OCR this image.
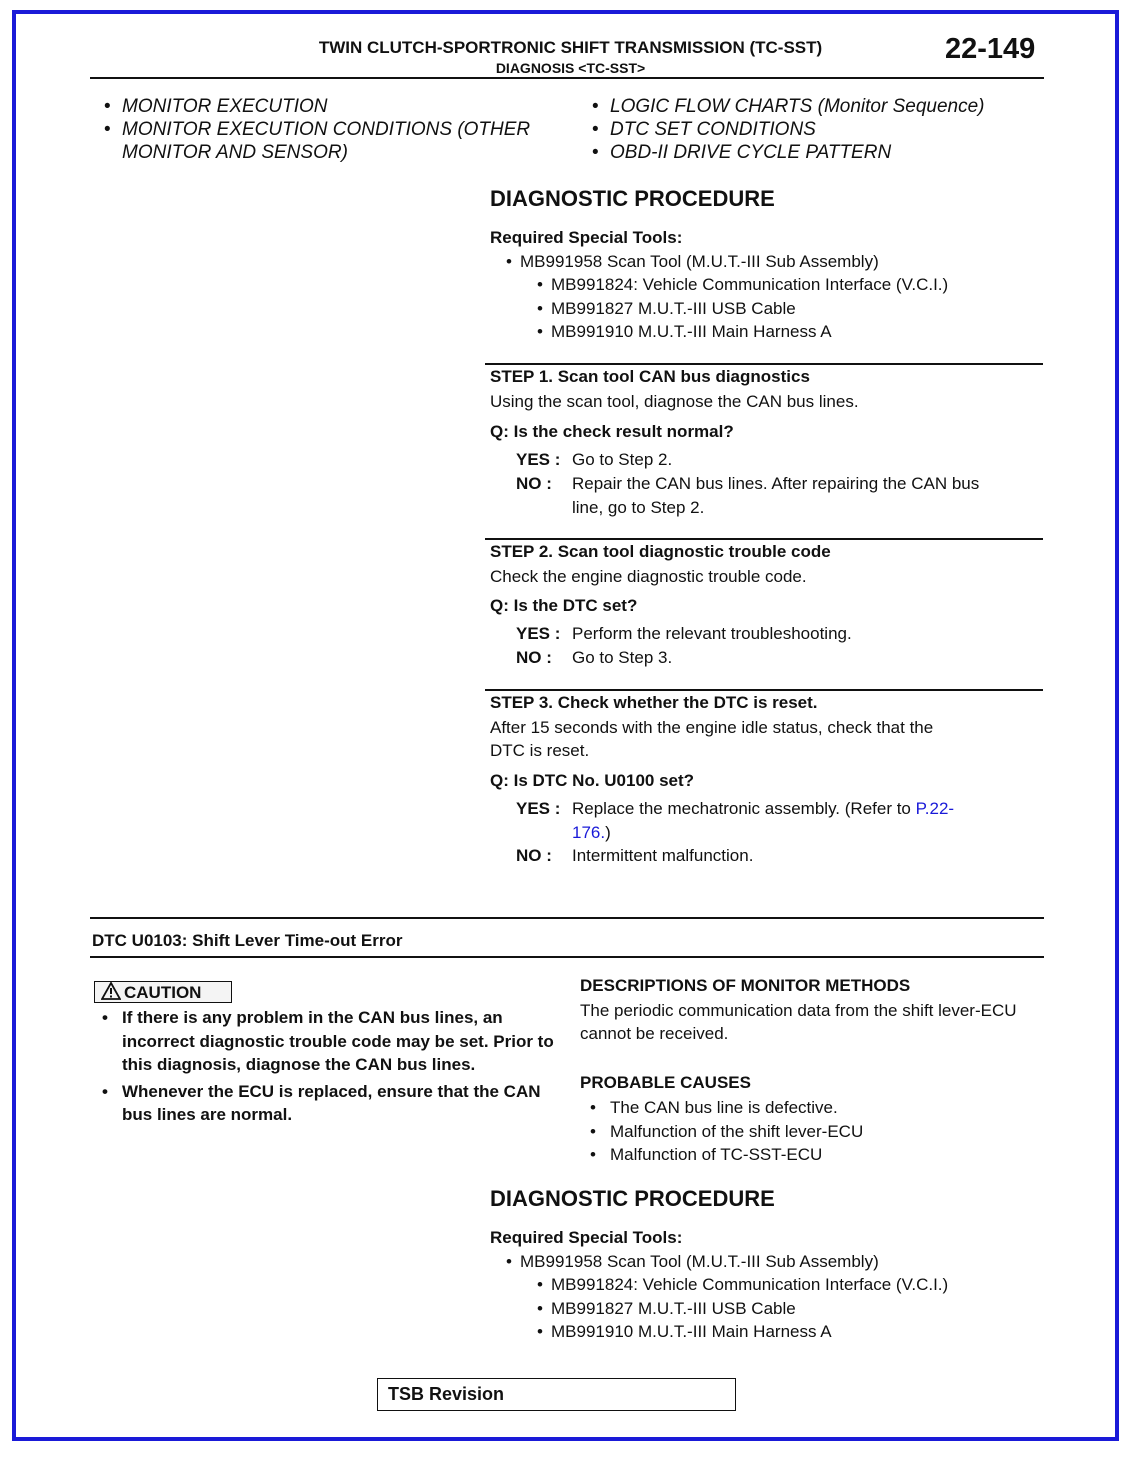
TWIN CLUTCH-SPORTRONIC SHIFT TRANSMISSION (TC-SST)
DIAGNOSIS <TC-SST>
22-149
• MONITOR EXECUTION
• MONITOR EXECUTION CONDITIONS (OTHER MONITOR AND SENSOR)
• LOGIC FLOW CHARTS (Monitor Sequence)
• DTC SET CONDITIONS
• OBD-II DRIVE CYCLE PATTERN
DIAGNOSTIC PROCEDURE
Required Special Tools:
• MB991958 Scan Tool (M.U.T.-III Sub Assembly)
• MB991824: Vehicle Communication Interface (V.C.I.)
• MB991827 M.U.T.-III USB Cable
• MB991910 M.U.T.-III Main Harness A
STEP 1. Scan tool CAN bus diagnostics
Using the scan tool, diagnose the CAN bus lines.
Q: Is the check result normal?
YES : Go to Step 2.
NO : Repair the CAN bus lines. After repairing the CAN bus
line, go to Step 2.
STEP 2. Scan tool diagnostic trouble code
Check the engine diagnostic trouble code.
Q: Is the DTC set?
YES : Perform the relevant troubleshooting.
NO : Go to Step 3.
STEP 3. Check whether the DTC is reset.
After 15 seconds with the engine idle status, check that the
DTC is reset.
Q: Is DTC No. U0100 set?
YES : Replace the mechatronic assembly. (Refer to P.22-
176.)
NO : Intermittent malfunction.
DTC U0103: Shift Lever Time-out Error
CAUTION
• If there is any problem in the CAN bus lines, an incorrect diagnostic trouble code may be set. Prior to this diagnosis, diagnose the CAN bus lines.
• Whenever the ECU is replaced, ensure that the CAN bus lines are normal.
DESCRIPTIONS OF MONITOR METHODS
The periodic communication data from the shift lever-ECU cannot be received.
PROBABLE CAUSES
• The CAN bus line is defective.
• Malfunction of the shift lever-ECU
• Malfunction of TC-SST-ECU
DIAGNOSTIC PROCEDURE
Required Special Tools:
• MB991958 Scan Tool (M.U.T.-III Sub Assembly)
• MB991824: Vehicle Communication Interface (V.C.I.)
• MB991827 M.U.T.-III USB Cable
• MB991910 M.U.T.-III Main Harness A
TSB Revision
